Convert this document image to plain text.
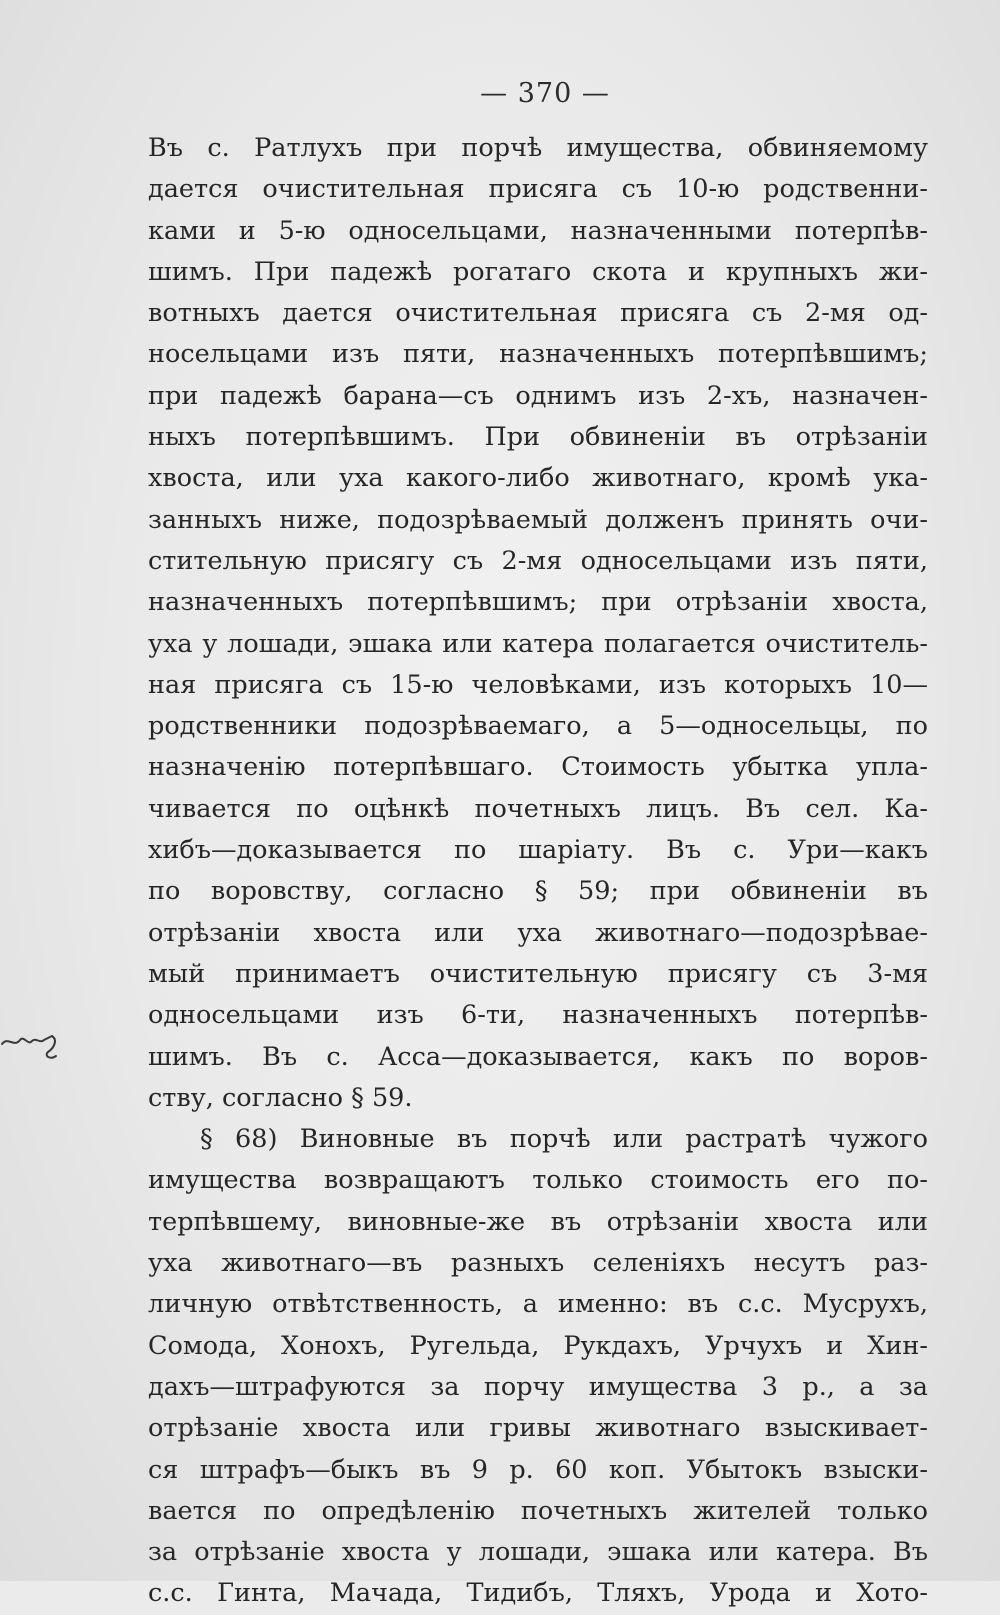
— 370 —
Въ с. Ратлухъ при порчѣ имущества, обвиняемому
дается очистительная присяга съ 10-ю родственни-
ками и 5-ю односельцами, назначенными потерпѣв-
шимъ. При падежѣ рогатаго скота и крупныхъ жи-
вотныхъ дается очистительная присяга съ 2-мя од-
носельцами изъ пяти, назначенныхъ потерпѣвшимъ;
при падежѣ барана—съ однимъ изъ 2-хъ, назначен-
ныхъ потерпѣвшимъ. При обвиненіи въ отрѣзаніи
хвоста, или уха какого-либо животнаго, кромѣ ука-
занныхъ ниже, подозрѣваемый долженъ принять очи-
стительную присягу съ 2-мя односельцами изъ пяти,
назначенныхъ потерпѣвшимъ; при отрѣзаніи хвоста,
уха у лошади, эшака или катера полагается очиститель-
ная присяга съ 15-ю человѣками, изъ которыхъ 10—
родственники подозрѣваемаго, а 5—односельцы, по
назначенію потерпѣвшаго. Стоимость убытка упла-
чивается по оцѣнкѣ почетныхъ лицъ. Въ сел. Ка-
хибъ—доказывается по шаріату. Въ с. Ури—какъ
по воровству, согласно § 59; при обвиненіи въ
отрѣзаніи хвоста или уха животнаго—подозрѣвае-
мый принимаетъ очистительную присягу съ 3-мя
односельцами изъ 6-ти, назначенныхъ потерпѣв-
шимъ. Въ с. Асса—доказывается, какъ по воров-
ству, согласно § 59.
§ 68) Виновные въ порчѣ или растратѣ чужого
имущества возвращаютъ только стоимость его по-
терпѣвшему, виновные-же въ отрѣзаніи хвоста или
уха животнаго—въ разныхъ селеніяхъ несутъ раз-
личную отвѣтственность, а именно: въ с.с. Мусрухъ,
Сомода, Хонохъ, Ругельда, Рукдахъ, Урчухъ и Хин-
дахъ—штрафуются за порчу имущества 3 р., а за
отрѣзаніе хвоста или гривы животнаго взыскивает-
ся штрафъ—быкъ въ 9 р. 60 коп. Убытокъ взыски-
вается по опредѣленію почетныхъ жителей только
за отрѣзаніе хвоста у лошади, эшака или катера. Въ
с.с. Гинта, Мачада, Тидибъ, Тляхъ, Урода и Хото-
